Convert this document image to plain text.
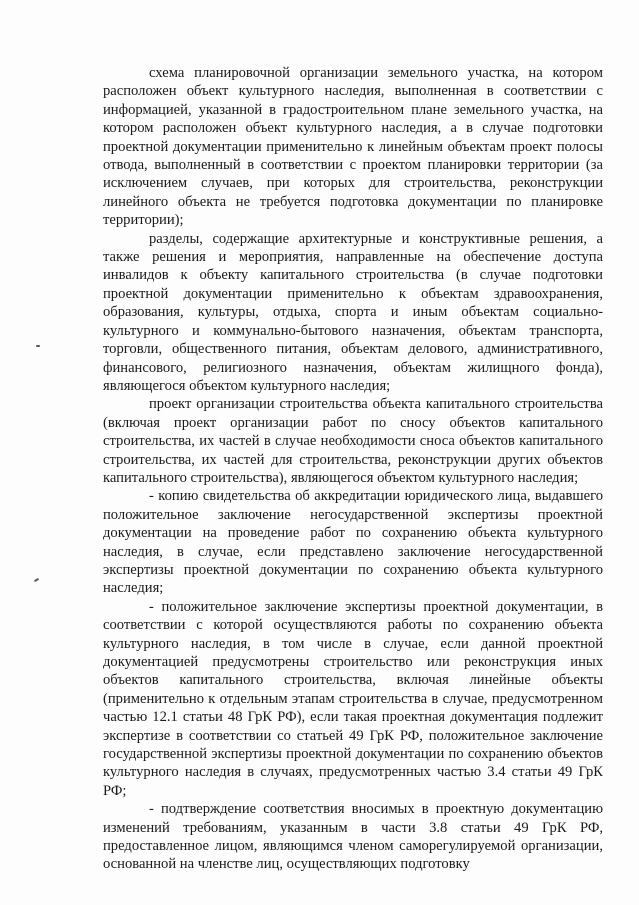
схема планировочной организации земельного участка, на котором расположен объект культурного наследия, выполненная в соответствии с информацией, указанной в градостроительном плане земельного участка, на котором расположен объект культурного наследия, а в случае подготовки проектной документации применительно к линейным объектам проект полосы отвода, выполненный в соответствии с проектом планировки территории (за исключением случаев, при которых для строительства, реконструкции линейного объекта не требуется подготовка документации по планировке территории);

разделы, содержащие архитектурные и конструктивные решения, а также решения и мероприятия, направленные на обеспечение доступа инвалидов к объекту капитального строительства (в случае подготовки проектной документации применительно к объектам здравоохранения, образования, культуры, отдыха, спорта и иным объектам социально-культурного и коммунально-бытового назначения, объектам транспорта, торговли, общественного питания, объектам делового, административного, финансового, религиозного назначения, объектам жилищного фонда), являющегося объектом культурного наследия;

проект организации строительства объекта капитального строительства (включая проект организации работ по сносу объектов капитального строительства, их частей в случае необходимости сноса объектов капитального строительства, их частей для строительства, реконструкции других объектов капитального строительства), являющегося объектом культурного наследия;

- копию свидетельства об аккредитации юридического лица, выдавшего положительное заключение негосударственной экспертизы проектной документации на проведение работ по сохранению объекта культурного наследия, в случае, если представлено заключение негосударственной экспертизы проектной документации по сохранению объекта культурного наследия;

- положительное заключение экспертизы проектной документации, в соответствии с которой осуществляются работы по сохранению объекта культурного наследия, в том числе в случае, если данной проектной документацией предусмотрены строительство или реконструкция иных объектов капитального строительства, включая линейные объекты (применительно к отдельным этапам строительства в случае, предусмотренном частью 12.1 статьи 48 ГрК РФ), если такая проектная документация подлежит экспертизе в соответствии со статьей 49 ГрК РФ, положительное заключение государственной экспертизы проектной документации по сохранению объектов культурного наследия в случаях, предусмотренных частью 3.4 статьи 49 ГрК РФ;

- подтверждение соответствия вносимых в проектную документацию изменений требованиям, указанным в части 3.8 статьи 49 ГрК РФ, предоставленное лицом, являющимся членом саморегулируемой организации, основанной на членстве лиц, осуществляющих подготовку
